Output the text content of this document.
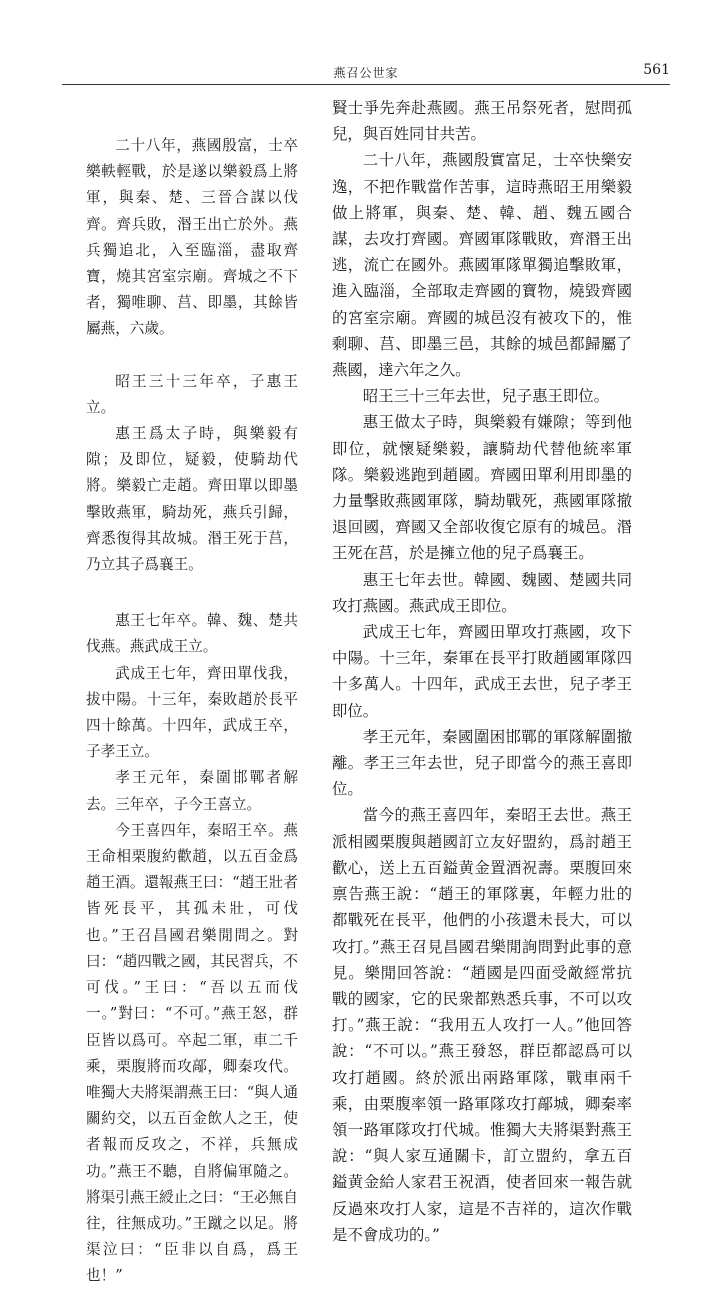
燕召公世家	561

二十八年，燕國殷富，士卒樂軼輕戰，於是遂以樂毅爲上將軍，與秦、楚、三晉合謀以伐齊。齊兵敗，湣王出亡於外。燕兵獨追北，入至臨淄，盡取齊寶，燒其宮室宗廟。齊城之不下者，獨唯聊、莒、即墨，其餘皆屬燕，六歲。

昭王三十三年卒，子惠王立。

惠王爲太子時，與樂毅有隙；及即位，疑毅，使騎劫代將。樂毅亡走趙。齊田單以即墨擊敗燕軍，騎劫死，燕兵引歸，齊悉復得其故城。湣王死于莒，乃立其子爲襄王。

惠王七年卒。韓、魏、楚共伐燕。燕武成王立。

武成王七年，齊田單伐我，拔中陽。十三年，秦敗趙於長平四十餘萬。十四年，武成王卒，子孝王立。

孝王元年，秦圍邯鄲者解去。三年卒，子今王喜立。

今王喜四年，秦昭王卒。燕王命相栗腹約歡趙，以五百金爲趙王酒。還報燕王曰：“趙王壯者皆死長平，其孤未壯，可伐也。”王召昌國君樂閒問之。對曰：“趙四戰之國，其民習兵，不可伐。”王曰：“吾以五而伐一。”對曰：“不可。”燕王怒，群臣皆以爲可。卒起二軍，車二千乘，栗腹將而攻鄗，卿秦攻代。唯獨大夫將渠謂燕王曰：“與人通關約交，以五百金飲人之王，使者報而反攻之，不祥，兵無成功。”燕王不聽，自將偏軍隨之。將渠引燕王綬止之曰：“王必無自往，往無成功。”王蹴之以足。將渠泣曰：“臣非以自爲，爲王也！”

賢士爭先奔赴燕國。燕王吊祭死者，慰問孤兒，與百姓同甘共苦。

二十八年，燕國殷實富足，士卒快樂安逸，不把作戰當作苦事，這時燕昭王用樂毅做上將軍，與秦、楚、韓、趙、魏五國合謀，去攻打齊國。齊國軍隊戰敗，齊湣王出逃，流亡在國外。燕國軍隊單獨追擊敗軍，進入臨淄，全部取走齊國的寶物，燒毀齊國的宮室宗廟。齊國的城邑沒有被攻下的，惟剩聊、莒、即墨三邑，其餘的城邑都歸屬了燕國，達六年之久。

昭王三十三年去世，兒子惠王即位。

惠王做太子時，與樂毅有嫌隙；等到他即位，就懷疑樂毅，讓騎劫代替他統率軍隊。樂毅逃跑到趙國。齊國田單利用即墨的力量擊敗燕國軍隊，騎劫戰死，燕國軍隊撤退回國，齊國又全部收復它原有的城邑。湣王死在莒，於是擁立他的兒子爲襄王。

惠王七年去世。韓國、魏國、楚國共同攻打燕國。燕武成王即位。

武成王七年，齊國田單攻打燕國，攻下中陽。十三年，秦軍在長平打敗趙國軍隊四十多萬人。十四年，武成王去世，兒子孝王即位。

孝王元年，秦國圍困邯鄲的軍隊解圍撤離。孝王三年去世，兒子即當今的燕王喜即位。

當今的燕王喜四年，秦昭王去世。燕王派相國栗腹與趙國訂立友好盟約，爲討趙王歡心，送上五百鎰黄金置酒祝壽。栗腹回來禀告燕王說：“趙王的軍隊裏，年輕力壯的都戰死在長平，他們的小孩還未長大，可以攻打。”燕王召見昌國君樂閒詢問對此事的意見。樂閒回答說：“趙國是四面受敵經常抗戰的國家，它的民衆都熟悉兵事，不可以攻打。”燕王說：“我用五人攻打一人。”他回答說：“不可以。”燕王發怒，群臣都認爲可以攻打趙國。終於派出兩路軍隊，戰車兩千乘，由栗腹率領一路軍隊攻打鄗城，卿秦率領一路軍隊攻打代城。惟獨大夫將渠對燕王說：“與人家互通關卡，訂立盟約，拿五百鎰黄金給人家君王祝酒，使者回來一報告就反過來攻打人家，這是不吉祥的，這次作戰是不會成功的。”
